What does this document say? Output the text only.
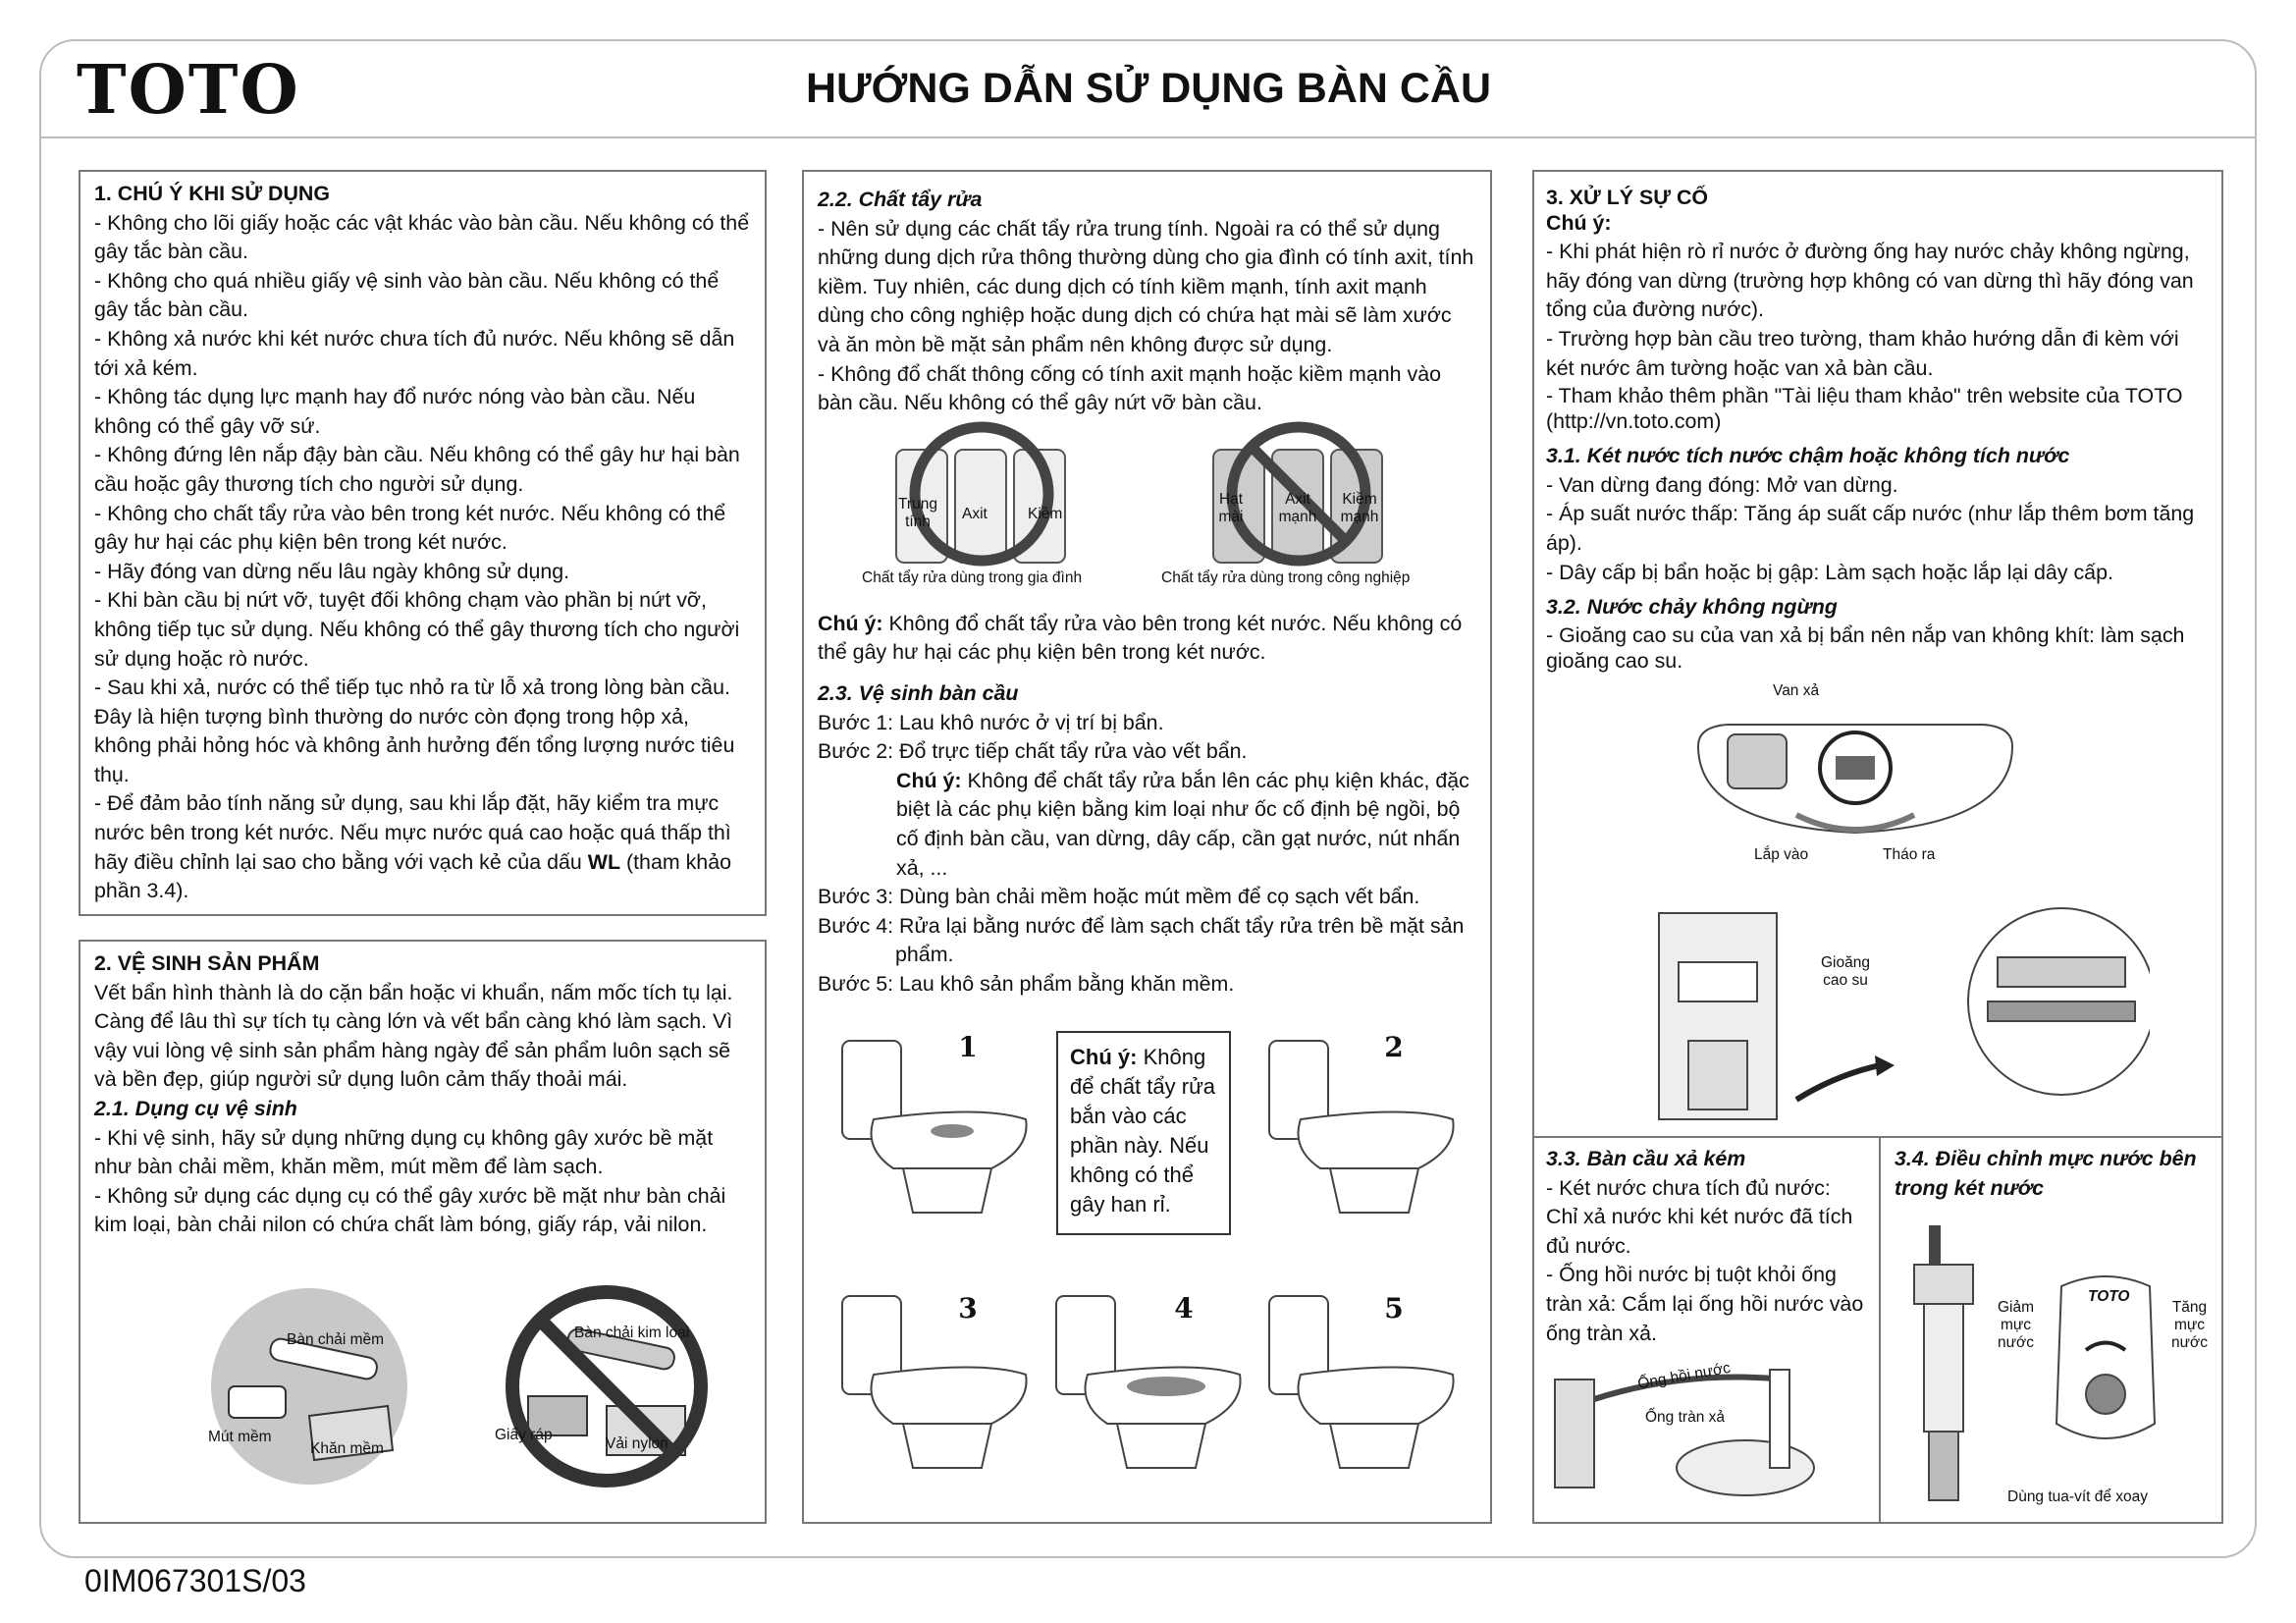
TOTO	HƯỚNG DẪN SỬ DỤNG BÀN CẦU
0IM067301S/03

1. CHÚ Ý KHI SỬ DỤNG

- Không cho lõi giấy hoặc các vật khác vào bàn cầu. Nếu không có thể gây tắc bàn cầu.

- Không cho quá nhiều giấy vệ sinh vào bàn cầu. Nếu không có thể gây tắc bàn cầu.

- Không xả nước khi két nước chưa tích đủ nước. Nếu không sẽ dẫn tới xả kém.

- Không tác dụng lực mạnh hay đổ nước nóng vào bàn cầu. Nếu không có thể gây vỡ sứ.

- Không đứng lên nắp đậy bàn cầu. Nếu không có thể gây hư hại bàn cầu hoặc gây thương tích cho người sử dụng.

- Không cho chất tẩy rửa vào bên trong két nước. Nếu không có thể gây hư hại các phụ kiện bên trong két nước.

- Hãy đóng van dừng nếu lâu ngày không sử dụng.

- Khi bàn cầu bị nứt vỡ, tuyệt đối không chạm vào phần bị nứt vỡ, không tiếp tục sử dụng. Nếu không có thể gây thương tích cho người sử dụng hoặc rò nước.

- Sau khi xả, nước có thể tiếp tục nhỏ ra từ lỗ xả trong lòng bàn cầu. Đây là hiện tượng bình thường do nước còn đọng trong hộp xả, không phải hỏng hóc và không ảnh hưởng đến tổng lượng nước tiêu thụ.

- Để đảm bảo tính năng sử dụng, sau khi lắp đặt, hãy kiểm tra mực nước bên trong két nước. Nếu mực nước quá cao hoặc quá thấp thì hãy điều chỉnh lại sao cho bằng với vạch kẻ của dấu WL (tham khảo phần 3.4).

2. VỆ SINH SẢN PHẨM

Vết bẩn hình thành là do cặn bẩn hoặc vi khuẩn, nấm mốc tích tụ lại. Càng để lâu thì sự tích tụ càng lớn và vết bẩn càng khó làm sạch. Vì vậy vui lòng vệ sinh sản phẩm hàng ngày để sản phẩm luôn sạch sẽ và bền đẹp, giúp người sử dụng luôn cảm thấy thoải mái.

2.1. Dụng cụ vệ sinh

- Khi vệ sinh, hãy sử dụng những dụng cụ không gây xước bề mặt như bàn chải mềm, khăn mềm, mút mềm để làm sạch.

- Không sử dụng các dụng cụ có thể gây xước bề mặt như bàn chải kim loại, bàn chải nilon có chứa chất làm bóng, giấy ráp, vải nilon.

Bàn chải mềm
Mút mềm
Khăn mềm
Bàn chải kim loại
Giấy ráp
Vải nylon

2.2. Chất tẩy rửa

- Nên sử dụng các chất tẩy rửa trung tính. Ngoài ra có thể sử dụng những dung dịch rửa thông thường dùng cho gia đình có tính axit, tính kiềm. Tuy nhiên, các dung dịch có tính kiềm mạnh, tính axit mạnh dùng cho công nghiệp hoặc dung dịch có chứa hạt mài sẽ làm xước và ăn mòn bề mặt sản phẩm nên không được sử dụng.

- Không đổ chất thông cống có tính axit mạnh hoặc kiềm mạnh vào bàn cầu. Nếu không có thể gây nứt vỡ bàn cầu.

Chú ý: Không đổ chất tẩy rửa vào bên trong két nước. Nếu không có thể gây hư hại các phụ kiện bên trong két nước.

2.3. Vệ sinh bàn cầu

Bước 1: Lau khô nước ở vị trí bị bẩn.

Bước 2: Đổ trực tiếp chất tẩy rửa vào vết bẩn.

Chú ý: Không để chất tẩy rửa bắn lên các phụ kiện khác, đặc biệt là các phụ kiện bằng kim loại như ốc cố định bệ ngồi, bộ cố định bàn cầu, van dừng, dây cấp, cần gạt nước, nút nhấn xả, ...

Bước 3: Dùng bàn chải mềm hoặc mút mềm để cọ sạch vết bẩn.

Bước 4: Rửa lại bằng nước để làm sạch chất tẩy rửa trên bề mặt sản phẩm.

Bước 5: Lau khô sản phẩm bằng khăn mềm.

Trung tính	Axit	Kiềm
Chất tẩy rửa dùng trong gia đình
Hạt mài
Axit mạnh
Kiềm mạnh
Chất tẩy rửa dùng trong công nghiệp
1	2
3	4	5
Chú ý: Không để chất tẩy rửa bắn vào các phần này. Nếu không có thể gây han rỉ.

3. XỬ LÝ SỰ CỐ

Chú ý:

- Khi phát hiện rò rỉ nước ở đường ống hay nước chảy không ngừng, hãy đóng van dừng (trường hợp không có van dừng thì hãy đóng van tổng của đường nước).

- Trường hợp bàn cầu treo tường, tham khảo hướng dẫn đi kèm với két nước âm tường hoặc van xả bàn cầu.

- Tham khảo thêm phần "Tài liệu tham khảo" trên website của TOTO (http://vn.toto.com)

3.1. Két nước tích nước chậm hoặc không tích nước

- Van dừng đang đóng: Mở van dừng.

- Áp suất nước thấp: Tăng áp suất cấp nước (như lắp thêm bơm tăng áp).

- Dây cấp bị bẩn hoặc bị gập: Làm sạch hoặc lắp lại dây cấp.

3.2. Nước chảy không ngừng

- Gioăng cao su của van xả bị bẩn nên nắp van không khít: làm sạch gioăng cao su.

Van xả
Lắp vào	Tháo ra
Gioăng cao su

3.3. Bàn cầu xả kém

- Két nước chưa tích đủ nước: Chỉ xả nước khi két nước đã tích đủ nước.

- Ống hồi nước bị tuột khỏi ống tràn xả: Cắm lại ống hồi nước vào ống tràn xả.

Ống hồi nước
Ống tràn xả

3.4. Điều chỉnh mực nước bên trong két nước

TOTO
Giảm mực nước
Tăng mực nước
Dùng tua-vít để xoay
